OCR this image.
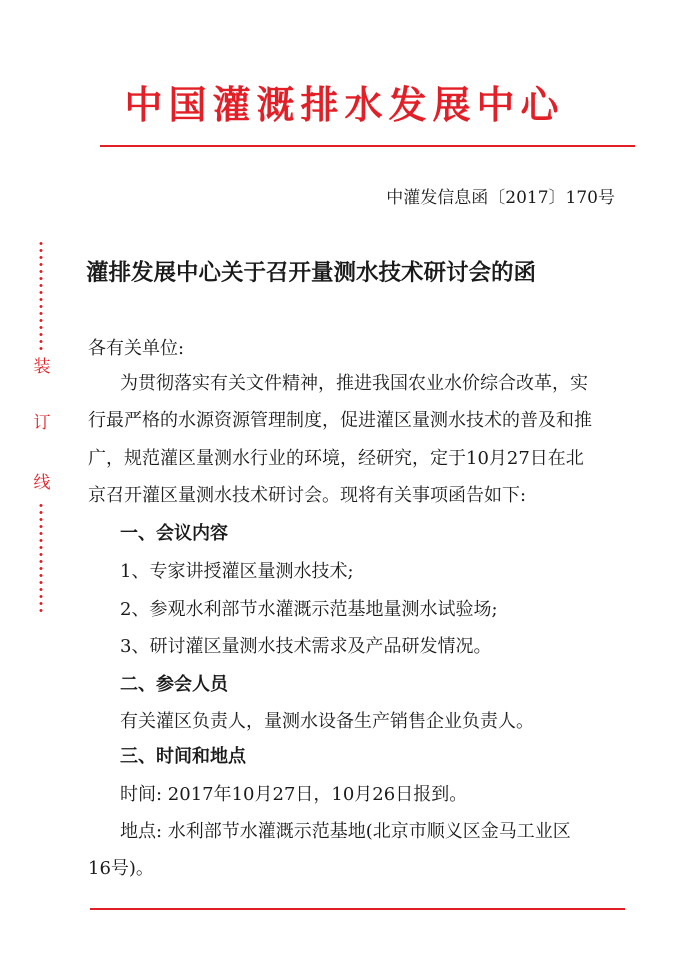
中国灌溉排水发展中心
装
订
线
中灌发信息函〔2017〕170号
灌排发展中心关于召开量测水技术研讨会的函
各有关单位:
为贯彻落实有关文件精神，推进我国农业水价综合改革，实
行最严格的水源资源管理制度，促进灌区量测水技术的普及和推
广，规范灌区量测水行业的环境，经研究，定于10月27日在北
京召开灌区量测水技术研讨会。现将有关事项函告如下:
一、会议内容
1、专家讲授灌区量测水技术;
2、参观水利部节水灌溉示范基地量测水试验场;
3、研讨灌区量测水技术需求及产品研发情况。
二、参会人员
有关灌区负责人，量测水设备生产销售企业负责人。
三、时间和地点
时间: 2017年10月27日，10月26日报到。
地点: 水利部节水灌溉示范基地(北京市顺义区金马工业区
16号)。
